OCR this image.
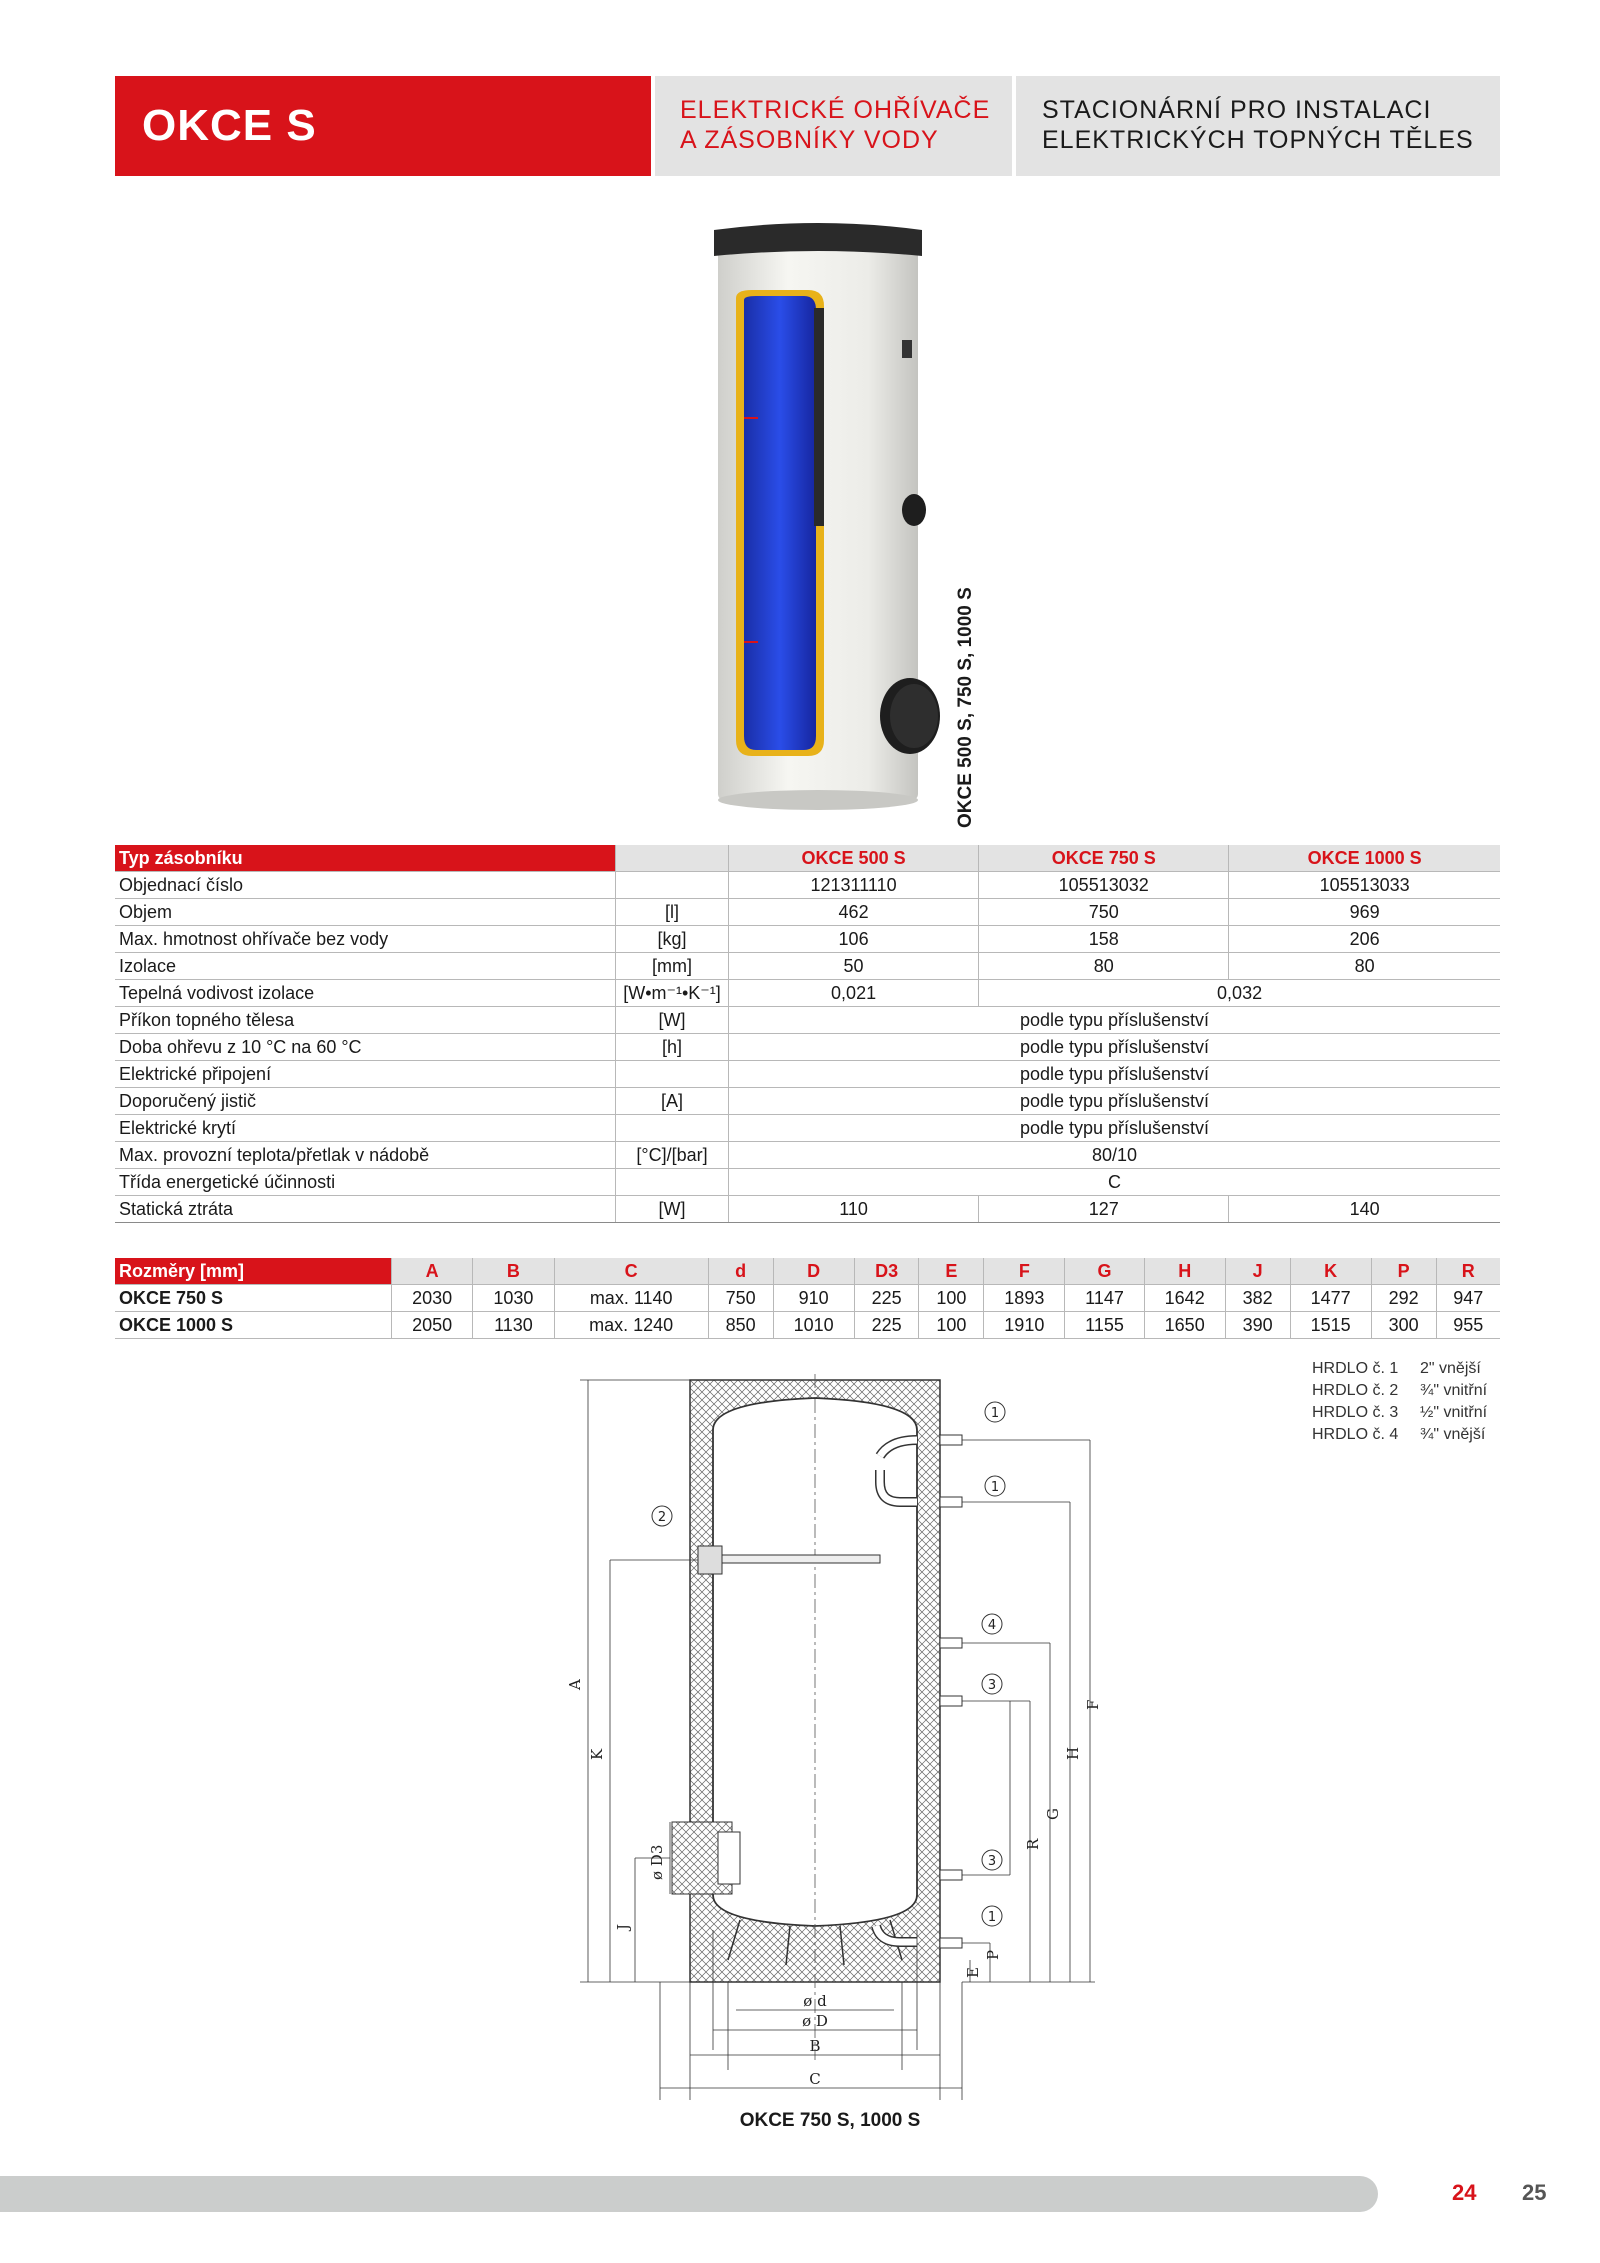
OKCE S	ELEKTRICKÉ OHŘÍVAČE
A ZÁSOBNÍKY VODY
STACIONÁRNÍ PRO INSTALACI
ELEKTRICKÝCH TOPNÝCH TĚLES
OKCE 500 S, 750 S, 1000 S
Typ zásobníku		OKCE 500 S	OKCE 750 S	OKCE 1000 S
Objednací číslo		121311110	105513032	105513033
Objem	[l]	462	750	969
Max. hmotnost ohřívače bez vody	[kg]	106	158	206
Izolace	[mm]	50	80	80
Tepelná vodivost izolace	[W•m⁻¹•K⁻¹]	0,021	0,032	
Příkon topného tělesa	[W]	podle typu příslušenství		
Doba ohřevu z 10 °C na 60 °C	[h]	podle typu příslušenství		
Elektrické připojení		podle typu příslušenství		
Doporučený jistič	[A]	podle typu příslušenství		
Elektrické krytí		podle typu příslušenství		
Max. provozní teplota/přetlak v nádobě	[°C]/[bar]	80/10		
Třída energetické účinnosti		C		
Statická ztráta	[W]	110	127	140
Rozměry [mm]	A	B	C	d	D	D3	E	F	G	H	J	K	P	R
OKCE 750 S	2030	1030	max. 1140	750	910	225	100	1893	1147	1642	382	1477	292	947
OKCE 1000 S	2050	1130	max. 1240	850	1010	225	100	1910	1155	1650	390	1515	300	955
HRDLO č. 1 2" vnější
HRDLO č. 2 ¾" vnitřní
HRDLO č. 3 ½" vnitřní
HRDLO č. 4 ¾" vnější
1
1
2
4
3
3
1
A
K
J
ø D3
F
H
G
R
P
E
ø d
ø D
B
C
OKCE 750 S, 1000 S
24 25
